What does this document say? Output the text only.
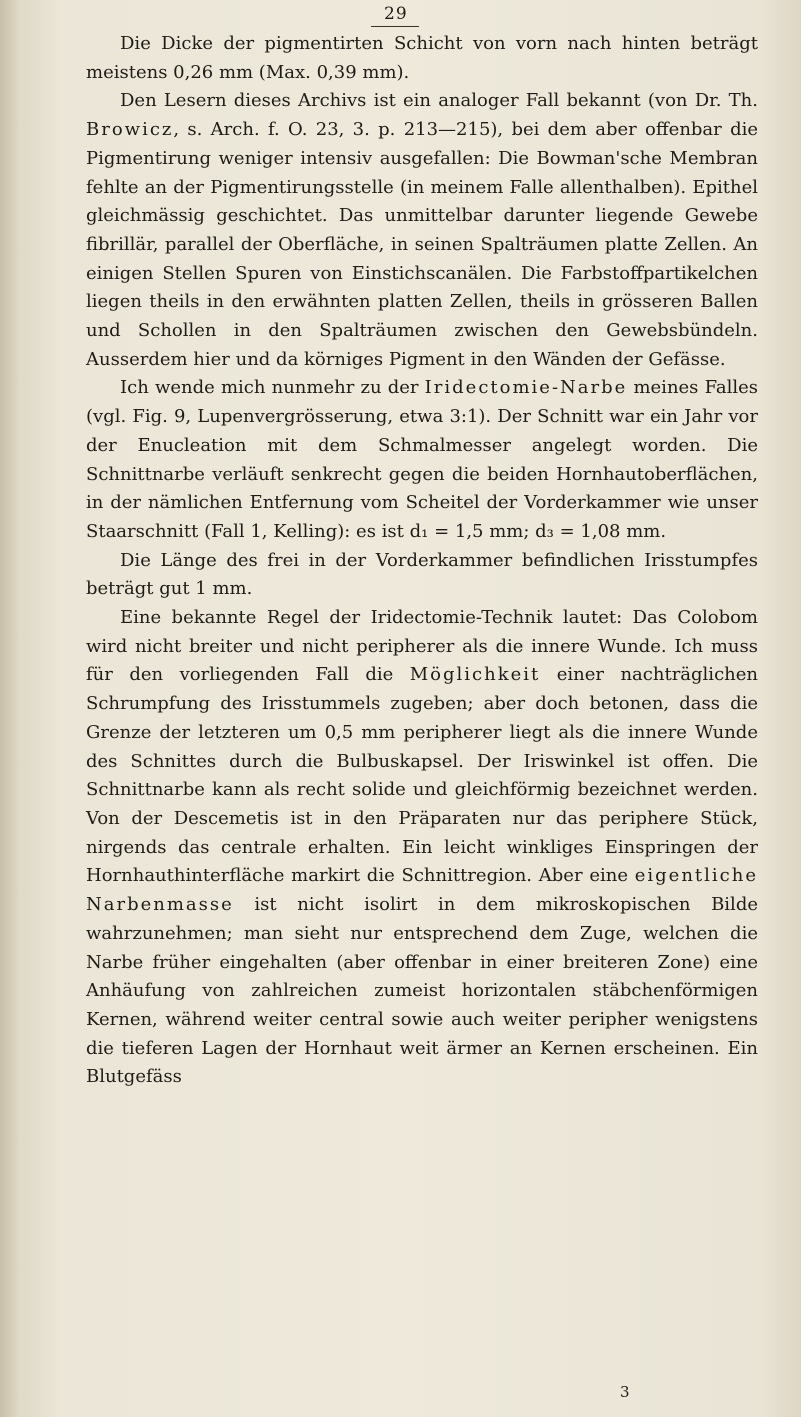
29

Die Dicke der pigmentirten Schicht von vorn nach hinten beträgt meistens 0,26 mm (Max. 0,39 mm).

Den Lesern dieses Archivs ist ein analoger Fall bekannt (von Dr. Th. Browicz, s. Arch. f. O. 23, 3. p. 213—215), bei dem aber offenbar die Pigmentirung weniger intensiv ausgefallen: Die Bowman'sche Membran fehlte an der Pigmentirungsstelle (in meinem Falle allenthalben). Epithel gleichmässig geschichtet. Das unmittelbar darunter liegende Gewebe fibrillär, parallel der Oberfläche, in seinen Spalträumen platte Zellen. An einigen Stellen Spuren von Einstichscanälen. Die Farbstoffpartikelchen liegen theils in den erwähnten platten Zellen, theils in grösseren Ballen und Schollen in den Spalträumen zwischen den Gewebsbündeln. Ausserdem hier und da körniges Pigment in den Wänden der Gefässe.

Ich wende mich nunmehr zu der Iridectomie-Narbe meines Falles (vgl. Fig. 9, Lupenvergrösserung, etwa 3:1). Der Schnitt war ein Jahr vor der Enucleation mit dem Schmalmesser angelegt worden. Die Schnittnarbe verläuft senkrecht gegen die beiden Hornhautoberflächen, in der nämlichen Entfernung vom Scheitel der Vorderkammer wie unser Staarschnitt (Fall 1, Kelling): es ist d₁ = 1,5 mm; d₃ = 1,08 mm.

Die Länge des frei in der Vorderkammer befindlichen Irisstumpfes beträgt gut 1 mm.

Eine bekannte Regel der Iridectomie-Technik lautet: Das Colobom wird nicht breiter und nicht peripherer als die innere Wunde. Ich muss für den vorliegenden Fall die Möglichkeit einer nachträglichen Schrumpfung des Irisstummels zugeben; aber doch betonen, dass die Grenze der letzteren um 0,5 mm peripherer liegt als die innere Wunde des Schnittes durch die Bulbuskapsel. Der Iriswinkel ist offen. Die Schnittnarbe kann als recht solide und gleichförmig bezeichnet werden. Von der Descemetis ist in den Präparaten nur das periphere Stück, nirgends das centrale erhalten. Ein leicht winkliges Einspringen der Hornhauthinterfläche markirt die Schnittregion. Aber eine eigentliche Narbenmasse ist nicht isolirt in dem mikroskopischen Bilde wahrzunehmen; man sieht nur entsprechend dem Zuge, welchen die Narbe früher eingehalten (aber offenbar in einer breiteren Zone) eine Anhäufung von zahlreichen zumeist horizontalen stäbchenförmigen Kernen, während weiter central sowie auch weiter peripher wenigstens die tieferen Lagen der Hornhaut weit ärmer an Kernen erscheinen. Ein Blutgefäss

3
